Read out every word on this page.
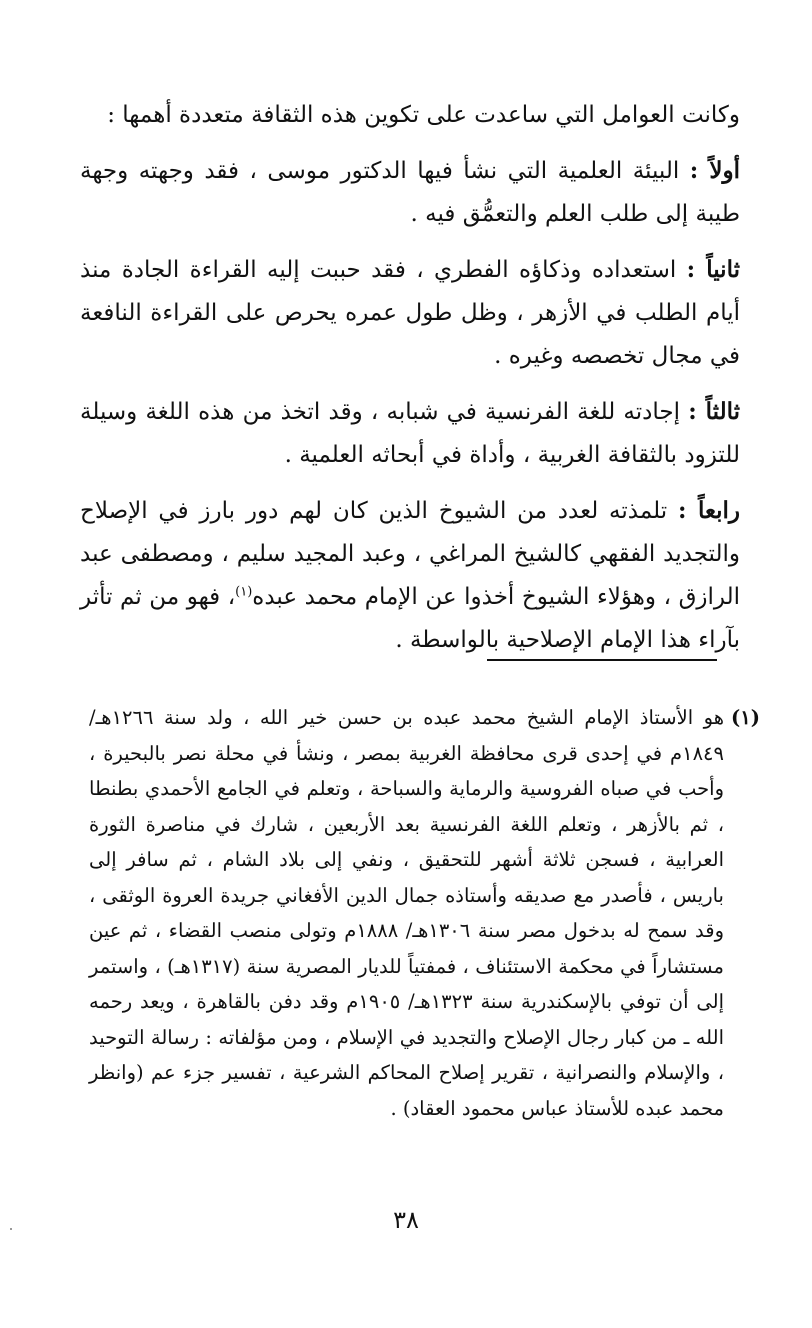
وكانت العوامل التي ساعدت على تكوين هذه الثقافة متعددة أهمها :

أولاً : البيئة العلمية التي نشأ فيها الدكتور موسى ، فقد وجهته وجهة طيبة إلى طلب العلم والتعمُّق فيه .

ثانياً : استعداده وذكاؤه الفطري ، فقد حببت إليه القراءة الجادة منذ أيام الطلب في الأزهر ، وظل طول عمره يحرص على القراءة النافعة في مجال تخصصه وغيره .

ثالثاً : إجادته للغة الفرنسية في شبابه ، وقد اتخذ من هذه اللغة وسيلة للتزود بالثقافة الغربية ، وأداة في أبحاثه العلمية .

رابعاً : تلمذته لعدد من الشيوخ الذين كان لهم دور بارز في الإصلاح والتجديد الفقهي كالشيخ المراغي ، وعبد المجيد سليم ، ومصطفى عبد الرازق ، وهؤلاء الشيوخ أخذوا عن الإمام محمد عبده$^{(١)}$، فهو من ثم تأثر بآراء هذا الإمام الإصلاحية بالواسطة .

(١)
هو الأستاذ الإمام الشيخ محمد عبده بن حسن خير الله ، ولد سنة ١٢٦٦هـ/ ١٨٤٩م في إحدى قرى محافظة الغربية بمصر ، ونشأ في محلة نصر بالبحيرة ، وأحب في صباه الفروسية والرماية والسباحة ، وتعلم في الجامع الأحمدي بطنطا ، ثم بالأزهر ، وتعلم اللغة الفرنسية بعد الأربعين ، شارك في مناصرة الثورة العرابية ، فسجن ثلاثة أشهر للتحقيق ، ونفي إلى بلاد الشام ، ثم سافر إلى باريس ، فأصدر مع صديقه وأستاذه جمال الدين الأفغاني جريدة العروة الوثقى ، وقد سمح له بدخول مصر سنة ١٣٠٦هـ/ ١٨٨٨م وتولى منصب القضاء ، ثم عين مستشاراً في محكمة الاستئناف ، فمفتياً للديار المصرية سنة (١٣١٧هـ) ، واستمر إلى أن توفي بالإسكندرية سنة ١٣٢٣هـ/ ١٩٠٥م وقد دفن بالقاهرة ، ويعد رحمه الله ـ من كبار رجال الإصلاح والتجديد في الإسلام ، ومن مؤلفاته : رسالة التوحيد ، والإسلام والنصرانية ، تقرير إصلاح المحاكم الشرعية ، تفسير جزء عم (وانظر محمد عبده للأستاذ عباس محمود العقاد) .
٣٨
